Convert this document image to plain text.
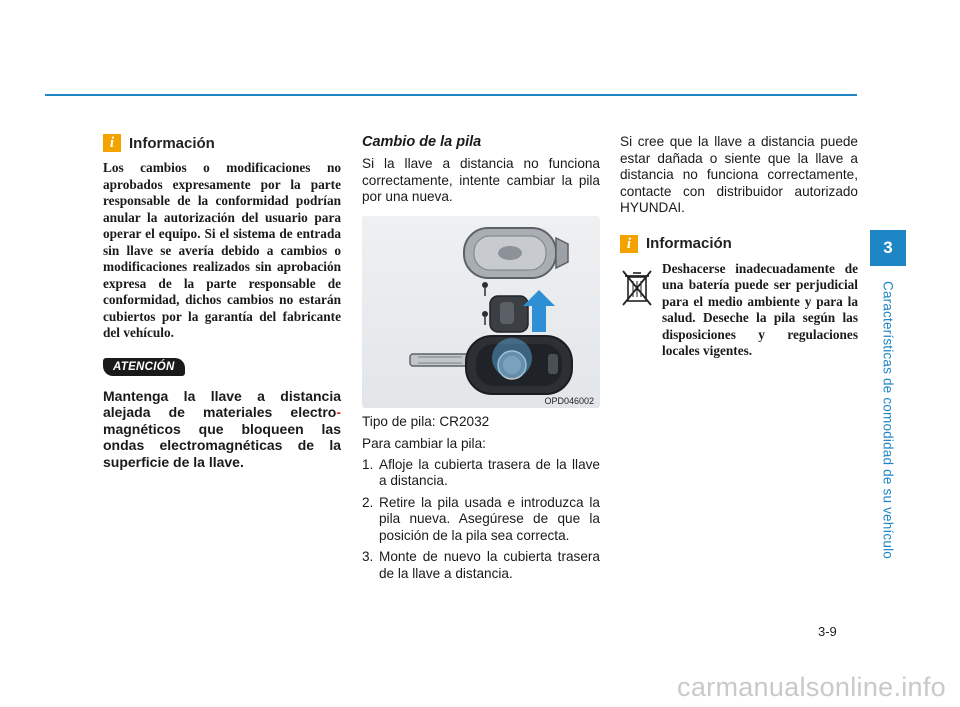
i Información

Los cambios o modificaciones no aprobados expresamente por la parte responsable de la conformidad podrían anular la autorización del usuario para operar el equipo. Si el sistema de entrada sin llave se avería debido a cambios o modificaciones realizados sin aprobación expresa de la parte responsable de conformidad, dichos cambios no estarán cubiertos por la garantía del fabricante del vehículo.

ATENCIÓN

Mantenga la llave a distancia alejada de materiales electro- magnéticos que bloqueen las ondas electromagnéticas de la superficie de la llave.

Cambio de la pila

Si la llave a distancia no funciona correctamente, intente cambiar la pila por una nueva.

OPD046002

Tipo de pila: CR2032

Para cambiar la pila:

1. Afloje la cubierta trasera de la llave a distancia.
2. Retire la pila usada e introduzca la pila nueva. Asegúrese de que la posición de la pila sea correcta.
3. Monte de nuevo la cubierta trasera de la llave a distancia.

Si cree que la llave a distancia puede estar dañada o siente que la llave a distancia no funciona correctamente, contacte con distribuidor autorizado HYUNDAI.

i Información

Deshacerse inadecuadamente de una batería puede ser perjudicial para el medio ambiente y para la salud. Deseche la pila según las disposiciones y regulaciones locales vigentes.

3
Características de comodidad de su vehículo
3-9
carmanualsonline.info
